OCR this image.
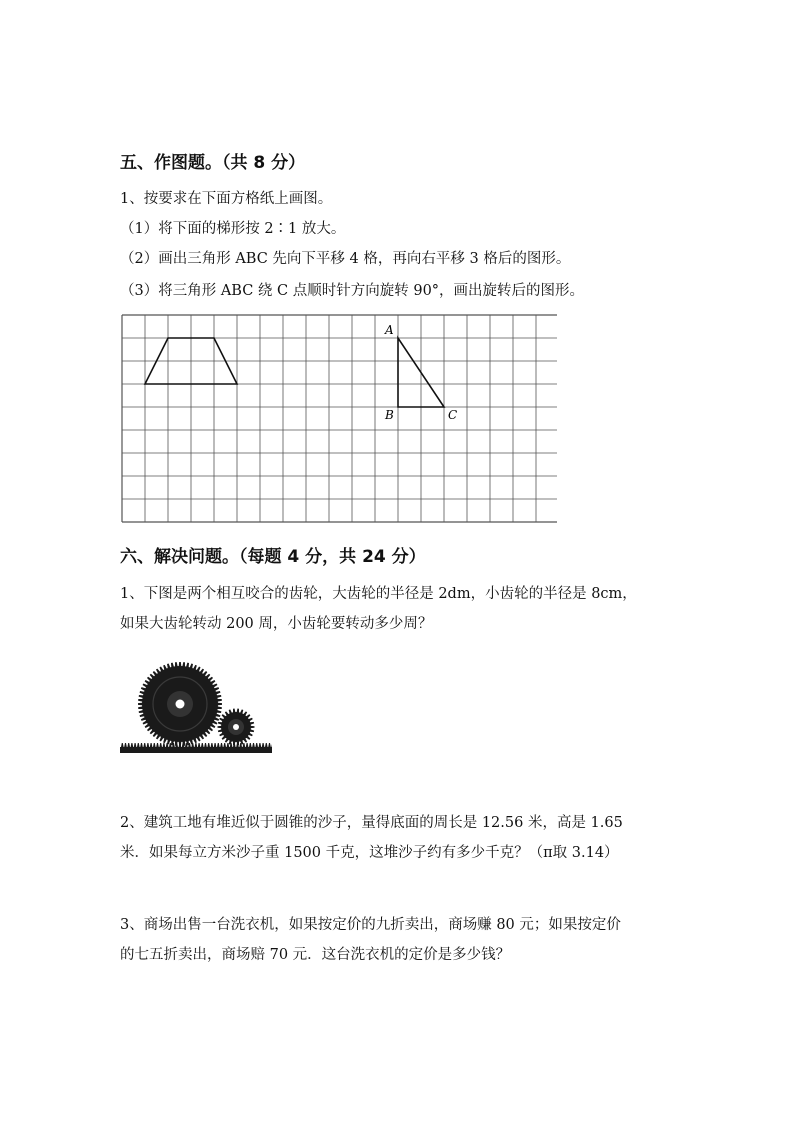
五、作图题。（共 8 分）
1、按要求在下面方格纸上画图。
（1）将下面的梯形按 2∶1 放大。
（2）画出三角形 ABC 先向下平移 4 格，再向右平移 3 格后的图形。
（3）将三角形 ABC 绕 C 点顺时针方向旋转 90°，画出旋转后的图形。
A
B	C
六、解决问题。（每题 4 分，共 24 分）
1、下图是两个相互咬合的齿轮，大齿轮的半径是 2dm，小齿轮的半径是 8cm，
如果大齿轮转动 200 周，小齿轮要转动多少周？
2、建筑工地有堆近似于圆锥的沙子，量得底面的周长是 12.56 米，高是 1.65
米．如果每立方米沙子重 1500 千克，这堆沙子约有多少千克？（π取 3.14）
3、商场出售一台洗衣机，如果按定价的九折卖出，商场赚 80 元；如果按定价
的七五折卖出，商场赔 70 元．这台洗衣机的定价是多少钱？
